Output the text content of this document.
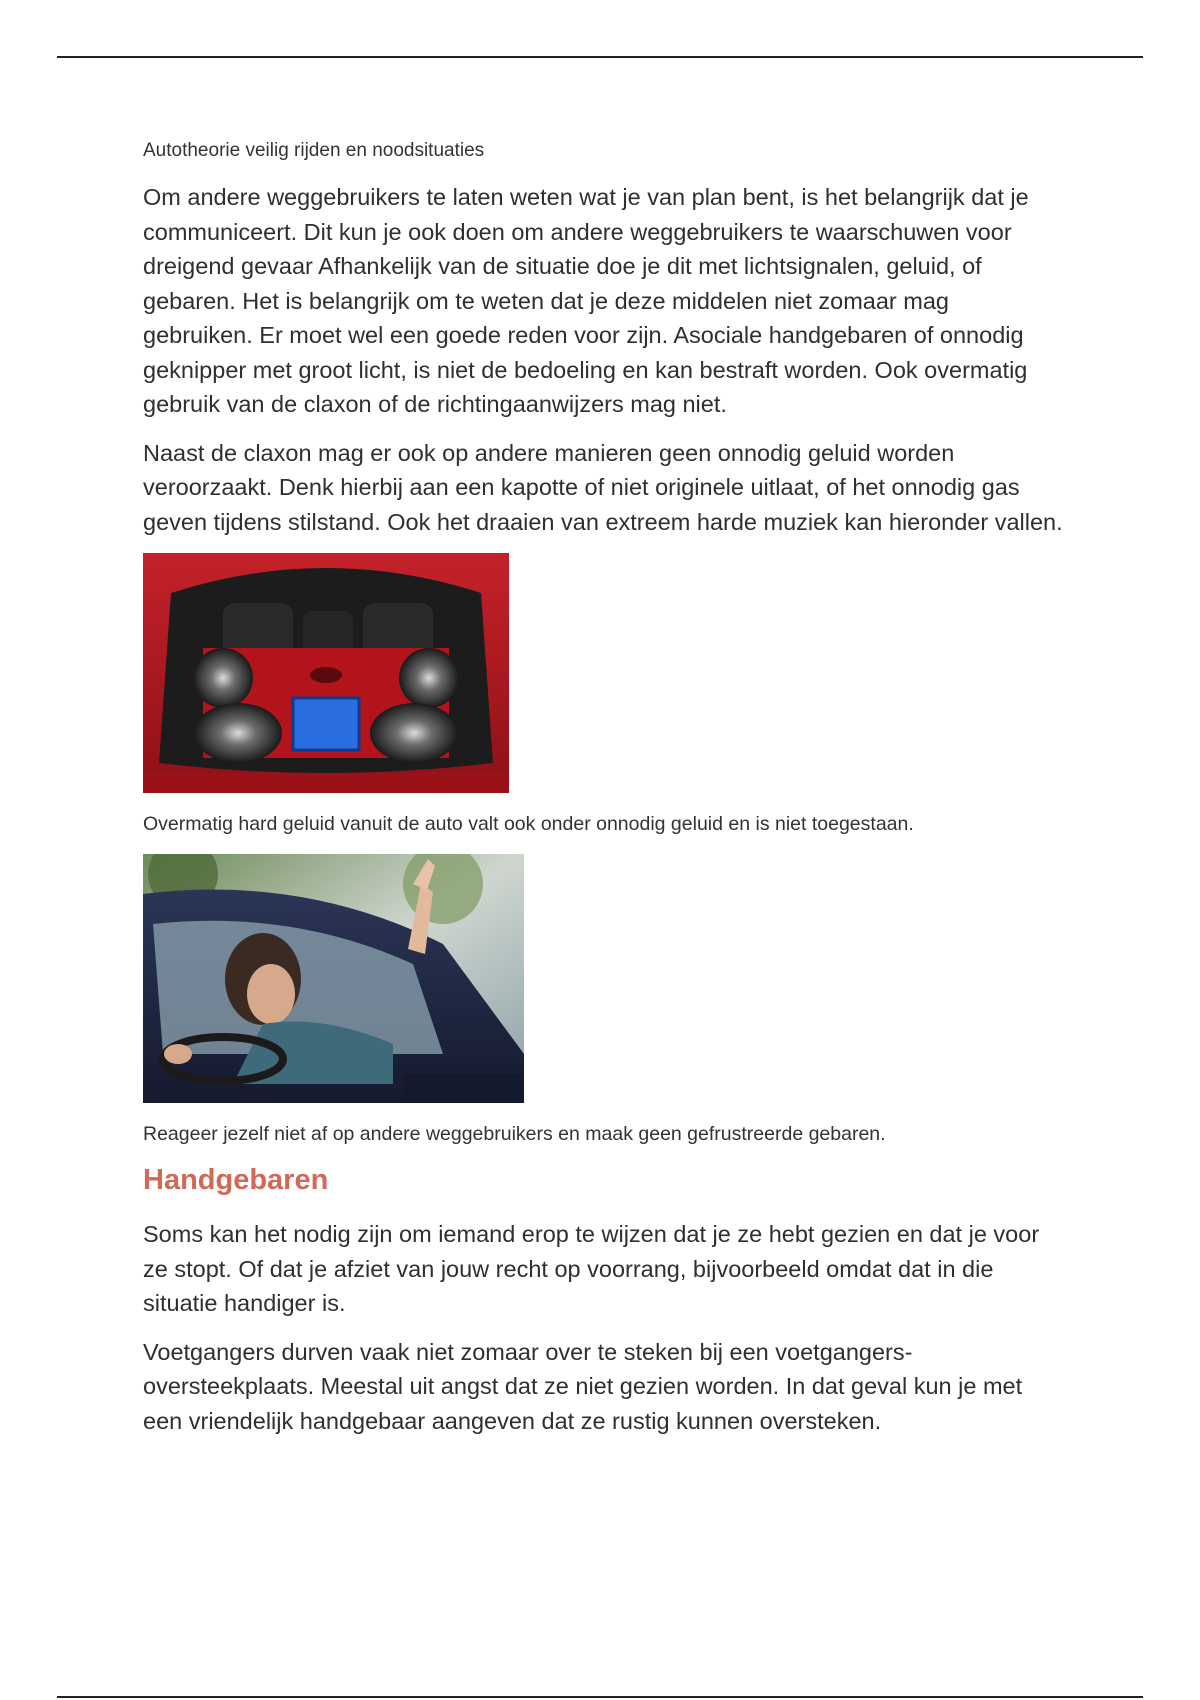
Autotheorie veilig rijden en noodsituaties

Om andere weggebruikers te laten weten wat je van plan bent, is het belangrijk dat je communiceert. Dit kun je ook doen om andere weggebruikers te waarschuwen voor dreigend gevaar Afhankelijk van de situatie doe je dit met lichtsignalen, geluid, of gebaren. Het is belangrijk om te weten dat je deze middelen niet zomaar mag gebruiken. Er moet wel een goede reden voor zijn. Asociale handgebaren of onnodig geknipper met groot licht, is niet de bedoeling en kan bestraft worden. Ook overmatig gebruik van de claxon of de richtingaanwijzers mag niet.

Naast de claxon mag er ook op andere manieren geen onnodig geluid worden veroorzaakt. Denk hierbij aan een kapotte of niet originele uitlaat, of het onnodig gas geven tijdens stilstand. Ook het draaien van extreem harde muziek kan hieronder vallen.

Overmatig hard geluid vanuit de auto valt ook onder onnodig geluid en is niet toegestaan.
Reageer jezelf niet af op andere weggebruikers en maak geen gefrustreerde gebaren.
Handgebaren

Soms kan het nodig zijn om iemand erop te wijzen dat je ze hebt gezien en dat je voor ze stopt. Of dat je afziet van jouw recht op voorrang, bijvoorbeeld omdat dat in die situatie handiger is.

Voetgangers durven vaak niet zomaar over te steken bij een voetgangers-oversteekplaats. Meestal uit angst dat ze niet gezien worden. In dat geval kun je met een vriendelijk handgebaar aangeven dat ze rustig kunnen oversteken.
